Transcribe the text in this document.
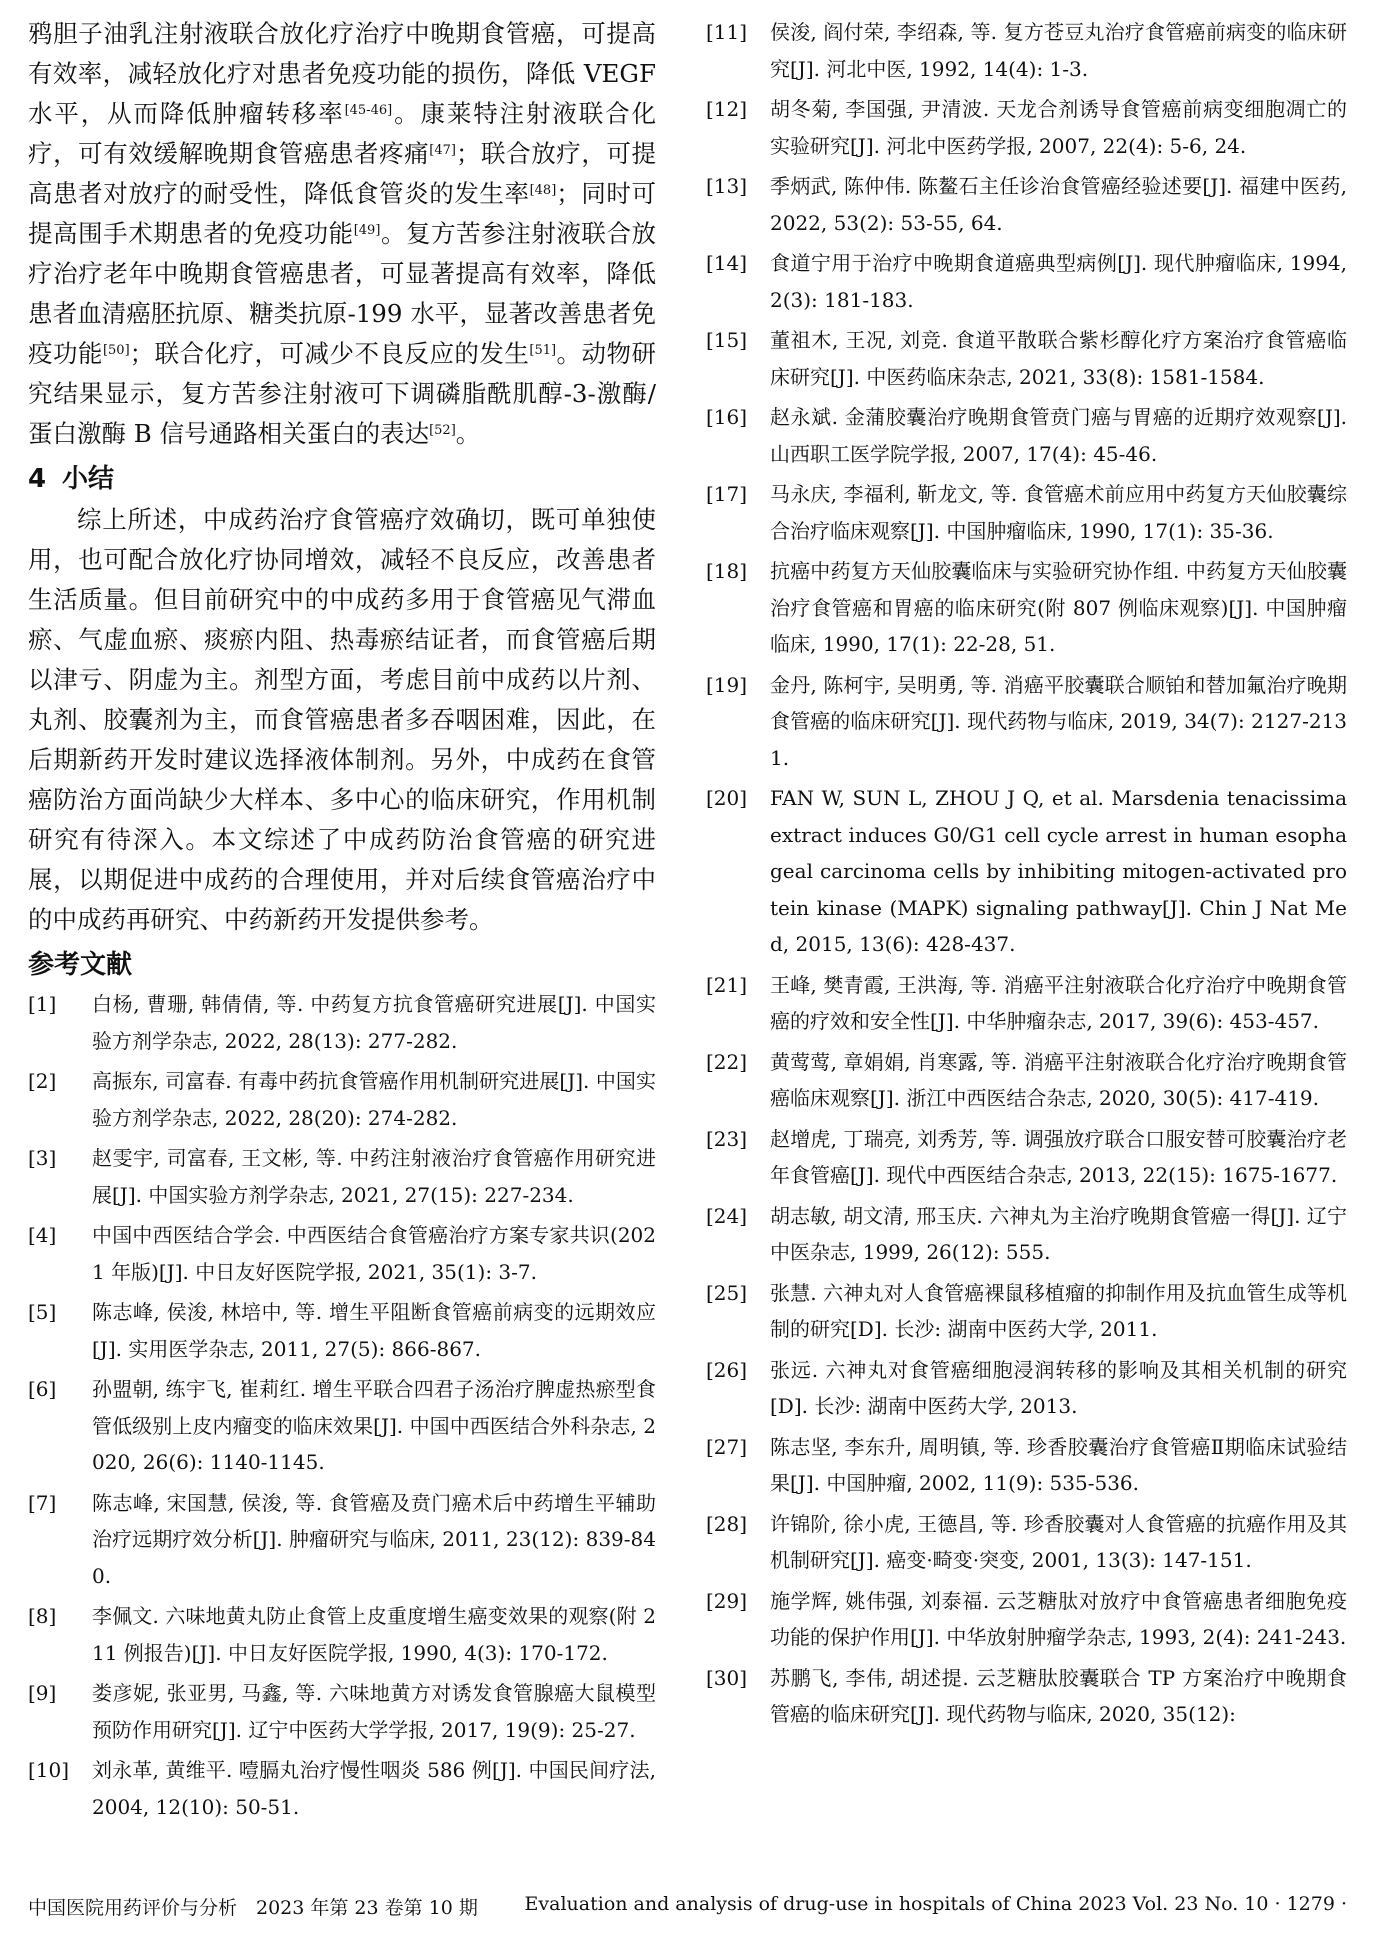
鸦胆子油乳注射液联合放化疗治疗中晚期食管癌，可提高有效率，减轻放化疗对患者免疫功能的损伤，降低 VEGF 水平，从而降低肿瘤转移率[45-46]。康莱特注射液联合化疗，可有效缓解晚期食管癌患者疼痛[47]；联合放疗，可提高患者对放疗的耐受性，降低食管炎的发生率[48]；同时可提高围手术期患者的免疫功能[49]。复方苦参注射液联合放疗治疗老年中晚期食管癌患者，可显著提高有效率，降低患者血清癌胚抗原、糖类抗原-199 水平，显著改善患者免疫功能[50]；联合化疗，可减少不良反应的发生[51]。动物研究结果显示，复方苦参注射液可下调磷脂酰肌醇-3-激酶/蛋白激酶 B 信号通路相关蛋白的表达[52]。

4 小结

综上所述，中成药治疗食管癌疗效确切，既可单独使用，也可配合放化疗协同增效，减轻不良反应，改善患者生活质量。但目前研究中的中成药多用于食管癌见气滞血瘀、气虚血瘀、痰瘀内阻、热毒瘀结证者，而食管癌后期以津亏、阴虚为主。剂型方面，考虑目前中成药以片剂、丸剂、胶囊剂为主，而食管癌患者多吞咽困难，因此，在后期新药开发时建议选择液体制剂。另外，中成药在食管癌防治方面尚缺少大样本、多中心的临床研究，作用机制研究有待深入。本文综述了中成药防治食管癌的研究进展，以期促进中成药的合理使用，并对后续食管癌治疗中的中成药再研究、中药新药开发提供参考。

参考文献
[1]	白杨, 曹珊, 韩倩倩, 等. 中药复方抗食管癌研究进展[J]. 中国实验方剂学杂志, 2022, 28(13): 277-282.
[2]	高振东, 司富春. 有毒中药抗食管癌作用机制研究进展[J]. 中国实验方剂学杂志, 2022, 28(20): 274-282.
[3]	赵雯宇, 司富春, 王文彬, 等. 中药注射液治疗食管癌作用研究进展[J]. 中国实验方剂学杂志, 2021, 27(15): 227-234.
[4]	中国中西医结合学会. 中西医结合食管癌治疗方案专家共识(2021 年版)[J]. 中日友好医院学报, 2021, 35(1): 3-7.
[5]	陈志峰, 侯浚, 林培中, 等. 增生平阻断食管癌前病变的远期效应[J]. 实用医学杂志, 2011, 27(5): 866-867.
[6]	孙盟朝, 练宇飞, 崔莉红. 增生平联合四君子汤治疗脾虚热瘀型食管低级别上皮内瘤变的临床效果[J]. 中国中西医结合外科杂志, 2020, 26(6): 1140-1145.
[7]	陈志峰, 宋国慧, 侯浚, 等. 食管癌及贲门癌术后中药增生平辅助治疗远期疗效分析[J]. 肿瘤研究与临床, 2011, 23(12): 839-840.
[8]	李佩文. 六味地黄丸防止食管上皮重度增生癌变效果的观察(附 211 例报告)[J]. 中日友好医院学报, 1990, 4(3): 170-172.
[9]	娄彦妮, 张亚男, 马鑫, 等. 六味地黄方对诱发食管腺癌大鼠模型预防作用研究[J]. 辽宁中医药大学学报, 2017, 19(9): 25-27.
[10]	刘永革, 黄维平. 噎膈丸治疗慢性咽炎 586 例[J]. 中国民间疗法, 2004, 12(10): 50-51.
[11]	侯浚, 阎付荣, 李绍森, 等. 复方苍豆丸治疗食管癌前病变的临床研究[J]. 河北中医, 1992, 14(4): 1-3.
[12]	胡冬菊, 李国强, 尹清波. 天龙合剂诱导食管癌前病变细胞凋亡的实验研究[J]. 河北中医药学报, 2007, 22(4): 5-6, 24.
[13]	季炳武, 陈仲伟. 陈鳌石主任诊治食管癌经验述要[J]. 福建中医药, 2022, 53(2): 53-55, 64.
[14]	食道宁用于治疗中晚期食道癌典型病例[J]. 现代肿瘤临床, 1994, 2(3): 181-183.
[15]	董祖木, 王况, 刘竞. 食道平散联合紫杉醇化疗方案治疗食管癌临床研究[J]. 中医药临床杂志, 2021, 33(8): 1581-1584.
[16]	赵永斌. 金蒲胶囊治疗晚期食管贲门癌与胃癌的近期疗效观察[J]. 山西职工医学院学报, 2007, 17(4): 45-46.
[17]	马永庆, 李福利, 靳龙文, 等. 食管癌术前应用中药复方天仙胶囊综合治疗临床观察[J]. 中国肿瘤临床, 1990, 17(1): 35-36.
[18]	抗癌中药复方天仙胶囊临床与实验研究协作组. 中药复方天仙胶囊治疗食管癌和胃癌的临床研究(附 807 例临床观察)[J]. 中国肿瘤临床, 1990, 17(1): 22-28, 51.
[19]	金丹, 陈柯宇, 吴明勇, 等. 消癌平胶囊联合顺铂和替加氟治疗晚期食管癌的临床研究[J]. 现代药物与临床, 2019, 34(7): 2127-2131.
[20]	FAN W, SUN L, ZHOU J Q, et al. Marsdenia tenacissima extract induces G0/G1 cell cycle arrest in human esophageal carcinoma cells by inhibiting mitogen-activated protein kinase (MAPK) signaling pathway[J]. Chin J Nat Med, 2015, 13(6): 428-437.
[21]	王峰, 樊青霞, 王洪海, 等. 消癌平注射液联合化疗治疗中晚期食管癌的疗效和安全性[J]. 中华肿瘤杂志, 2017, 39(6): 453-457.
[22]	黄莺莺, 章娟娟, 肖寒露, 等. 消癌平注射液联合化疗治疗晚期食管癌临床观察[J]. 浙江中西医结合杂志, 2020, 30(5): 417-419.
[23]	赵增虎, 丁瑞亮, 刘秀芳, 等. 调强放疗联合口服安替可胶囊治疗老年食管癌[J]. 现代中西医结合杂志, 2013, 22(15): 1675-1677.
[24]	胡志敏, 胡文清, 邢玉庆. 六神丸为主治疗晚期食管癌一得[J]. 辽宁中医杂志, 1999, 26(12): 555.
[25]	张慧. 六神丸对人食管癌裸鼠移植瘤的抑制作用及抗血管生成等机制的研究[D]. 长沙: 湖南中医药大学, 2011.
[26]	张远. 六神丸对食管癌细胞浸润转移的影响及其相关机制的研究[D]. 长沙: 湖南中医药大学, 2013.
[27]	陈志坚, 李东升, 周明镇, 等. 珍香胶囊治疗食管癌Ⅱ期临床试验结果[J]. 中国肿瘤, 2002, 11(9): 535-536.
[28]	许锦阶, 徐小虎, 王德昌, 等. 珍香胶囊对人食管癌的抗癌作用及其机制研究[J]. 癌变·畸变·突变, 2001, 13(3): 147-151.
[29]	施学辉, 姚伟强, 刘泰福. 云芝糖肽对放疗中食管癌患者细胞免疫功能的保护作用[J]. 中华放射肿瘤学杂志, 1993, 2(4): 241-243.
[30]	苏鹏飞, 李伟, 胡述提. 云芝糖肽胶囊联合 TP 方案治疗中晚期食管癌的临床研究[J]. 现代药物与临床, 2020, 35(12):
中国医院用药评价与分析　2023 年第 23 卷第 10 期 Evaluation and analysis of drug-use in hospitals of China 2023 Vol. 23 No. 10 · 1279 ·
